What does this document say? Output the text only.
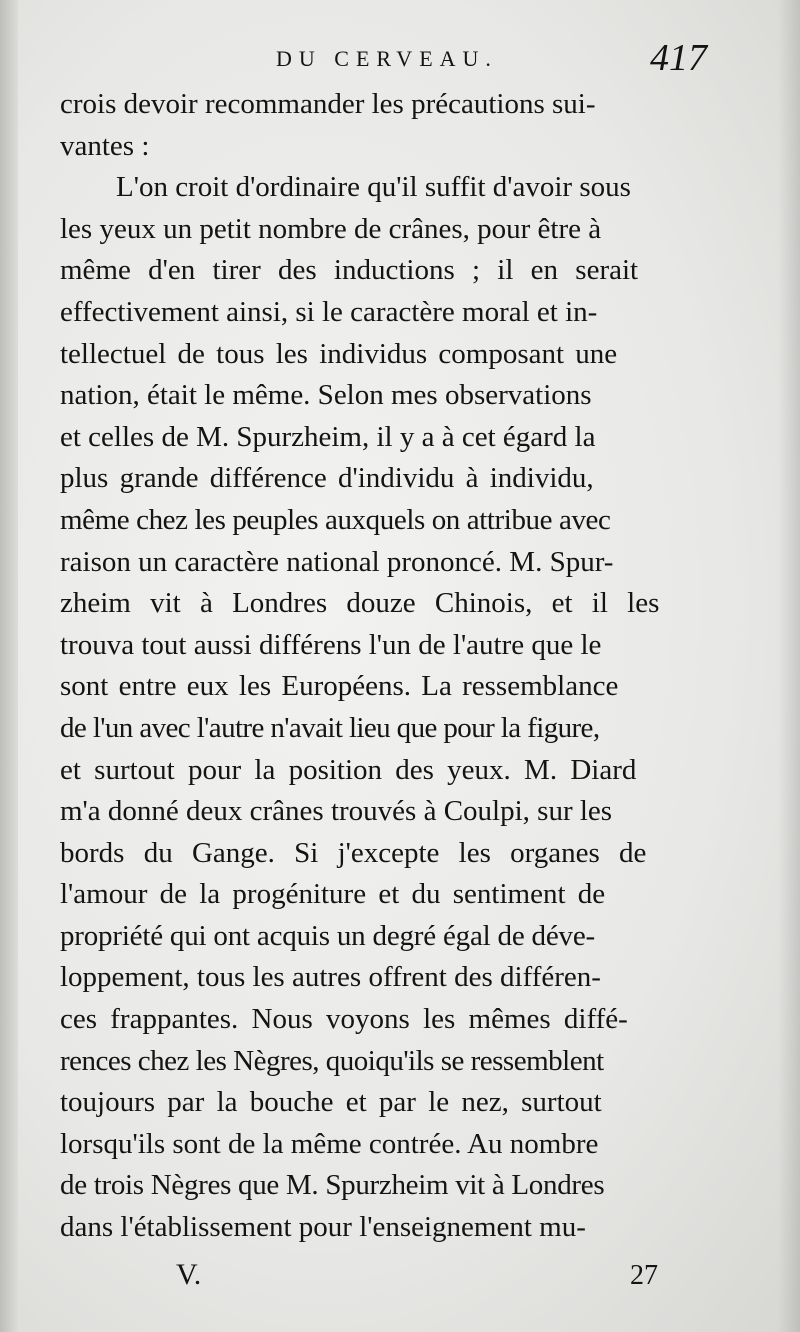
DU CERVEAU.	417
crois devoir recommander les précautions sui-
vantes :
L'on croit d'ordinaire qu'il suffit d'avoir sous
les yeux un petit nombre de crânes, pour être à
même d'en tirer des inductions ; il en serait
effectivement ainsi, si le caractère moral et in-
tellectuel de tous les individus composant une
nation, était le même. Selon mes observations
et celles de M. Spurzheim, il y a à cet égard la
plus grande différence d'individu à individu,
même chez les peuples auxquels on attribue avec
raison un caractère national prononcé. M. Spur-
zheim vit à Londres douze Chinois, et il les
trouva tout aussi différens l'un de l'autre que le
sont entre eux les Européens. La ressemblance
de l'un avec l'autre n'avait lieu que pour la figure,
et surtout pour la position des yeux. M. Diard
m'a donné deux crânes trouvés à Coulpi, sur les
bords du Gange. Si j'excepte les organes de
l'amour de la progéniture et du sentiment de
propriété qui ont acquis un degré égal de déve-
loppement, tous les autres offrent des différen-
ces frappantes. Nous voyons les mêmes diffé-
rences chez les Nègres, quoiqu'ils se ressemblent
toujours par la bouche et par le nez, surtout
lorsqu'ils sont de la même contrée. Au nombre
de trois Nègres que M. Spurzheim vit à Londres
dans l'établissement pour l'enseignement mu-
V.	27
